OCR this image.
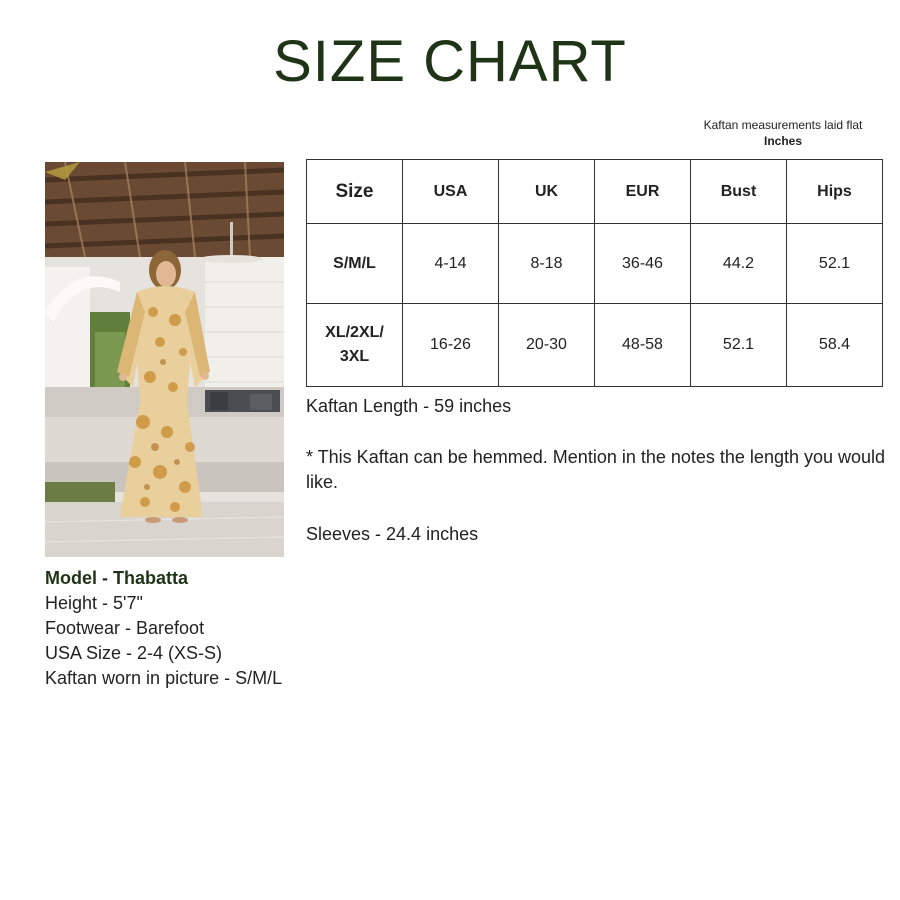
SIZE CHART
Kaftan measurements laid flat
Inches
Model - Thabatta
Height - 5'7"
Footwear - Barefoot
USA Size - 2-4 (XS-S)
Kaftan worn in picture - S/M/L
Size	USA	UK	EUR	Bust	Hips
S/M/L	4-14	8-18	36-46	44.2	52.1
XL/2XL/ 3XL	16-26	20-30	48-58	52.1	58.4

Kaftan Length - 59 inches

* This Kaftan can be hemmed. Mention in the notes the length you would like.

Sleeves - 24.4 inches
